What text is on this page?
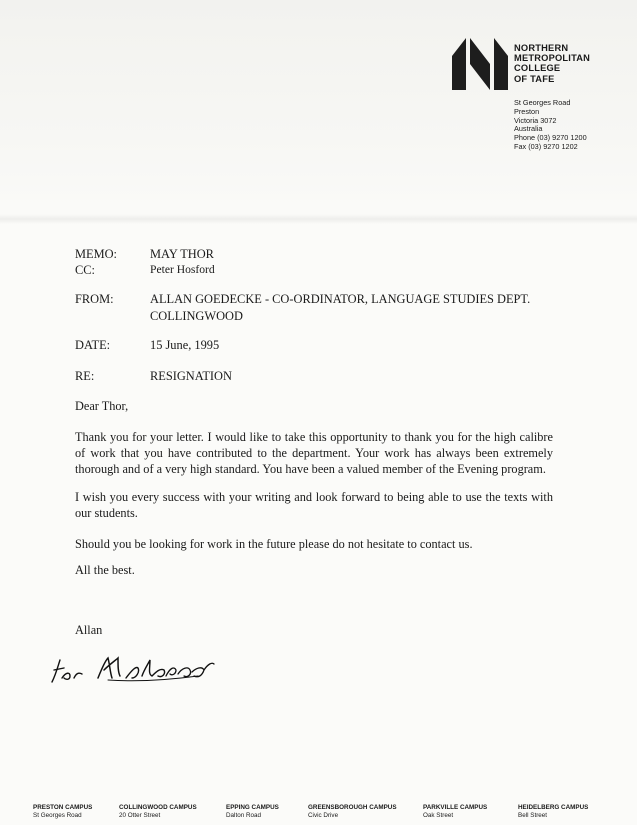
NORTHERN
METROPOLITAN
COLLEGE
OF TAFE
St Georges Road
Preston
Victoria 3072
Australia
Phone (03) 9270 1200
Fax (03) 9270 1202
MEMO:	MAY THOR
CC:	Peter Hosford
FROM:	ALLAN GOEDECKE - CO-ORDINATOR, LANGUAGE STUDIES DEPT.
COLLINGWOOD
DATE:	15 June, 1995
RE:	RESIGNATION
Dear Thor,
Thank you for your letter. I would like to take this opportunity to thank you for the high calibre of work that you have contributed to the department. Your work has always been extremely thorough and of a very high standard. You have been a valued member of the Evening program.
I wish you every success with your writing and look forward to being able to use the texts with our students.
Should you be looking for work in the future please do not hesitate to contact us.
All the best.
Allan
PRESTON CAMPUS
St Georges Road
COLLINGWOOD CAMPUS
20 Otter Street
EPPING CAMPUS
Dalton Road
GREENSBOROUGH CAMPUS
Civic Drive
PARKVILLE CAMPUS
Oak Street
HEIDELBERG CAMPUS
Bell Street
